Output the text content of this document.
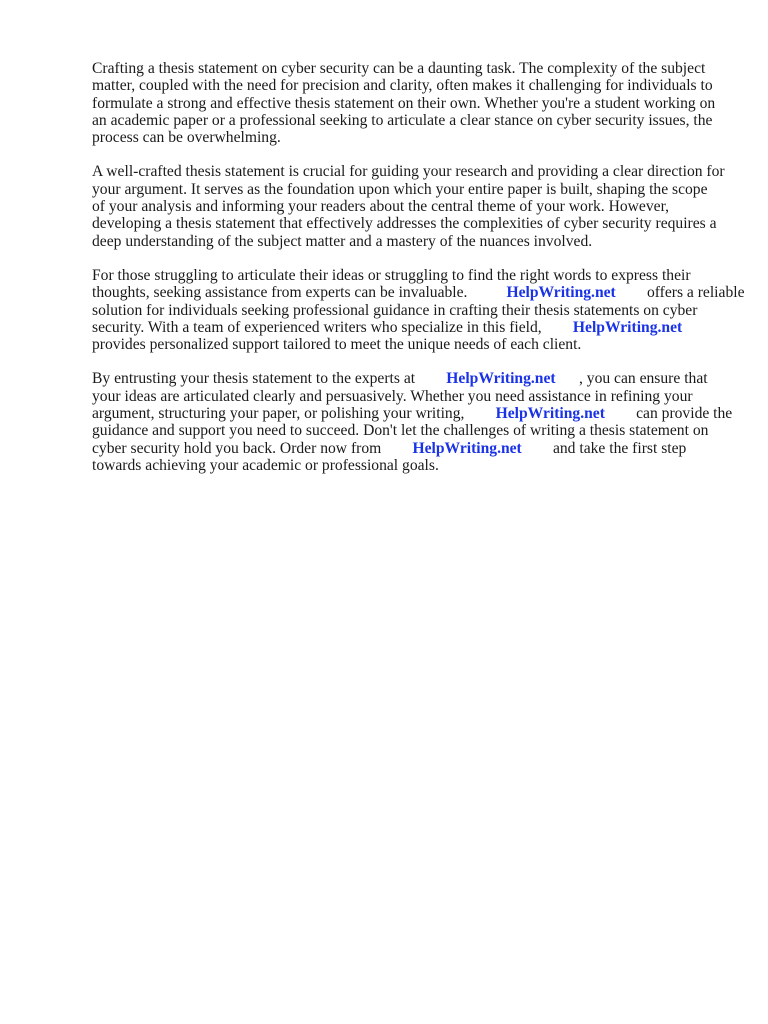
Crafting a thesis statement on cyber security can be a daunting task. The complexity of the subject
matter, coupled with the need for precision and clarity, often makes it challenging for individuals to
formulate a strong and effective thesis statement on their own. Whether you're a student working on
an academic paper or a professional seeking to articulate a clear stance on cyber security issues, the
process can be overwhelming.

A well-crafted thesis statement is crucial for guiding your research and providing a clear direction for
your argument. It serves as the foundation upon which your entire paper is built, shaping the scope
of your analysis and informing your readers about the central theme of your work. However,
developing a thesis statement that effectively addresses the complexities of cyber security requires a
deep understanding of the subject matter and a mastery of the nuances involved.

For those struggling to articulate their ideas or struggling to find the right words to express their
thoughts, seeking assistance from experts can be invaluable. HelpWriting.net offers a reliable
solution for individuals seeking professional guidance in crafting their thesis statements on cyber
security. With a team of experienced writers who specialize in this field, HelpWriting.net
provides personalized support tailored to meet the unique needs of each client.

By entrusting your thesis statement to the experts at HelpWriting.net , you can ensure that
your ideas are articulated clearly and persuasively. Whether you need assistance in refining your
argument, structuring your paper, or polishing your writing, HelpWriting.net can provide the
guidance and support you need to succeed. Don't let the challenges of writing a thesis statement on
cyber security hold you back. Order now from HelpWriting.net and take the first step
towards achieving your academic or professional goals.
